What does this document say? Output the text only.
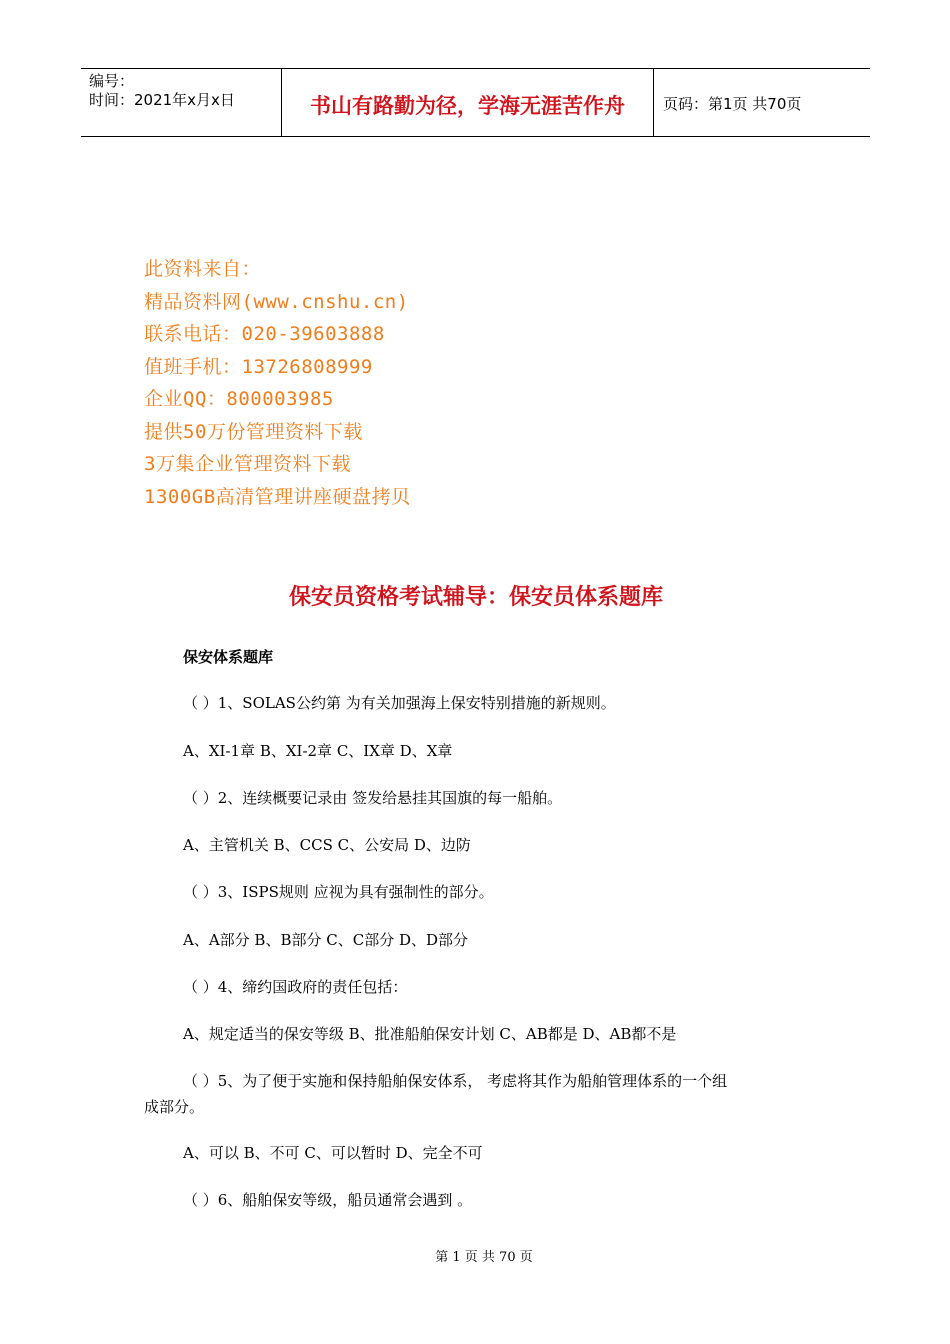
编号：
时间：2021年x月x日	书山有路勤为径，学海无涯苦作舟	页码：第1页 共70页
此资料来自：
精品资料网(www.cnshu.cn)
联系电话：020-39603888
值班手机：13726808999
企业QQ：800003985
提供50万份管理资料下载
3万集企业管理资料下载
1300GB高清管理讲座硬盘拷贝
保安员资格考试辅导：保安员体系题库
保安体系题库
（ ）1、SOLAS公约第 为有关加强海上保安特别措施的新规则。
A、XI-1章 B、XI-2章 C、IX章 D、X章
（ ）2、连续概要记录由 签发给悬挂其国旗的每一船舶。
A、主管机关 B、CCS C、公安局 D、边防
（ ）3、ISPS规则 应视为具有强制性的部分。
A、A部分 B、B部分 C、C部分 D、D部分
（ ）4、缔约国政府的责任包括：
A、规定适当的保安等级 B、批准船舶保安计划 C、AB都是 D、AB都不是
（ ）5、为了便于实施和保持船舶保安体系， 考虑将其作为船舶管理体系的一个组
成部分。
A、可以 B、不可 C、可以暂时 D、完全不可
（ ）6、船舶保安等级，船员通常会遇到 。
第 1 页 共 70 页
